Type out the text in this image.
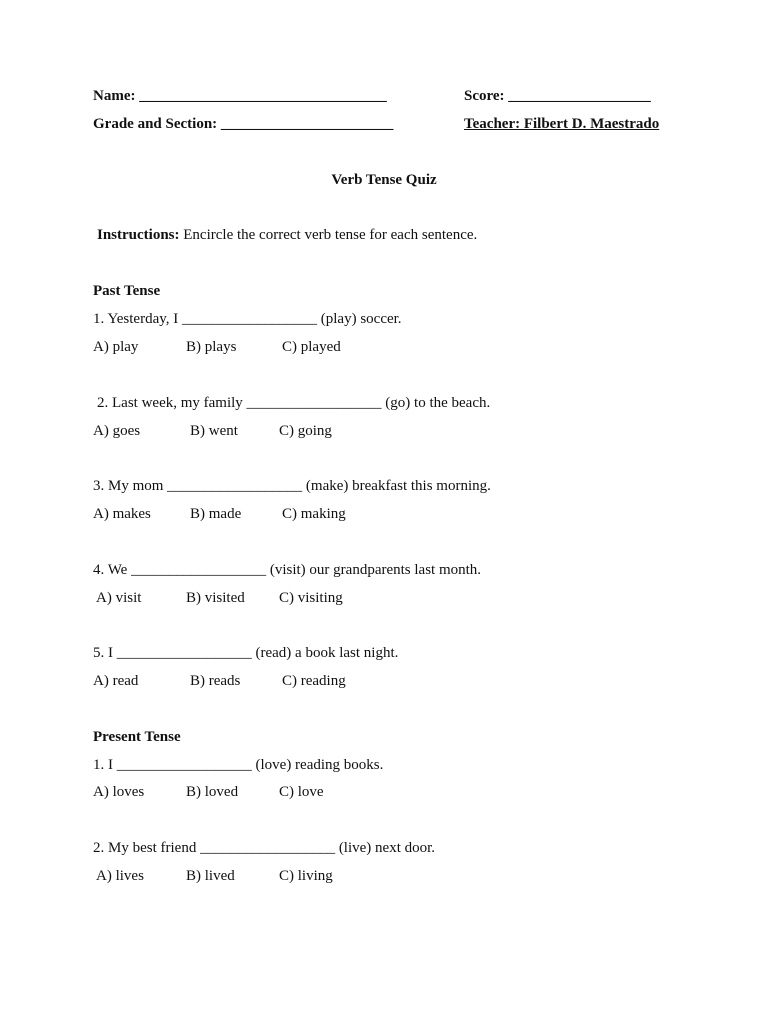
Name: _________________________________	Score: ___________________
Grade and Section: _______________________	Teacher: Filbert D. Maestrado
Verb Tense Quiz
Instructions: Encircle the correct verb tense for each sentence.
Past Tense
1. Yesterday, I __________________ (play) soccer.
A) play	B) plays	C) played
2. Last week, my family __________________ (go) to the beach.
A) goes	B) went	C) going
3. My mom __________________ (make) breakfast this morning.
A) makes	B) made	C) making
4. We __________________ (visit) our grandparents last month.
A) visit	B) visited C) visiting
5. I __________________ (read) a book last night.
A) read	B) reads	C) reading
Present Tense
1. I __________________ (love) reading books.
A) loves	B) loved	C) love
2. My best friend __________________ (live) next door.
A) lives	B) lived	C) living
